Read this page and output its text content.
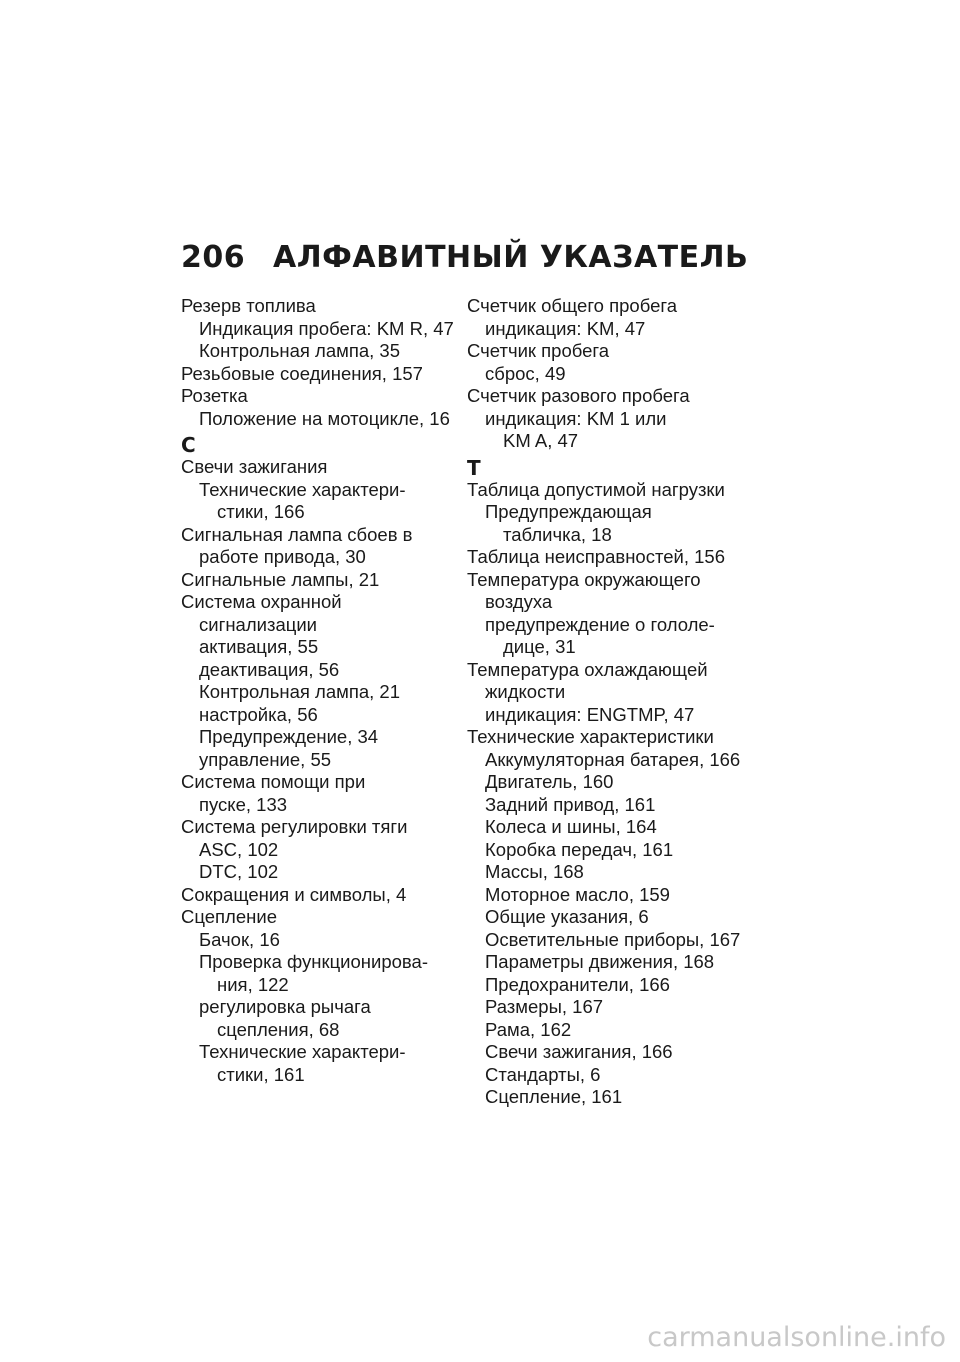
206 АЛФАВИТНЫЙ УКАЗАТЕЛЬ
Резерв топлива
Индикация пробега: KM R, 47
Контрольная лампа, 35
Резьбовые соединения, 157
Розетка
Положение на мотоцикле, 16
С
Свечи зажигания
Технические характери-
стики, 166
Сигнальная лампа сбоев в
работе привода, 30
Сигнальные лампы, 21
Система охранной
сигнализации
активация, 55
деактивация, 56
Контрольная лампа, 21
настройка, 56
Предупреждение, 34
управление, 55
Система помощи при
пуске, 133
Система регулировки тяги
ASC, 102
DTC, 102
Сокращения и символы, 4
Сцепление
Бачок, 16
Проверка функционирова-
ния, 122
регулировка рычага
сцепления, 68
Технические характери-
стики, 161
Счетчик общего пробега
индикация: KM, 47
Счетчик пробега
сброс, 49
Счетчик разового пробега
индикация: KM 1 или
KM A, 47
Т
Таблица допустимой нагрузки
Предупреждающая
табличка, 18
Таблица неисправностей, 156
Температура окружающего
воздуха
предупреждение о гололе-
дице, 31
Температура охлаждающей
жидкости
индикация: ENGTMP, 47
Технические характеристики
Аккумуляторная батарея, 166
Двигатель, 160
Задний привод, 161
Колеса и шины, 164
Коробка передач, 161
Массы, 168
Моторное масло, 159
Общие указания, 6
Осветительные приборы, 167
Параметры движения, 168
Предохранители, 166
Размеры, 167
Рама, 162
Свечи зажигания, 166
Стандарты, 6
Сцепление, 161
carmanualsonline.info
